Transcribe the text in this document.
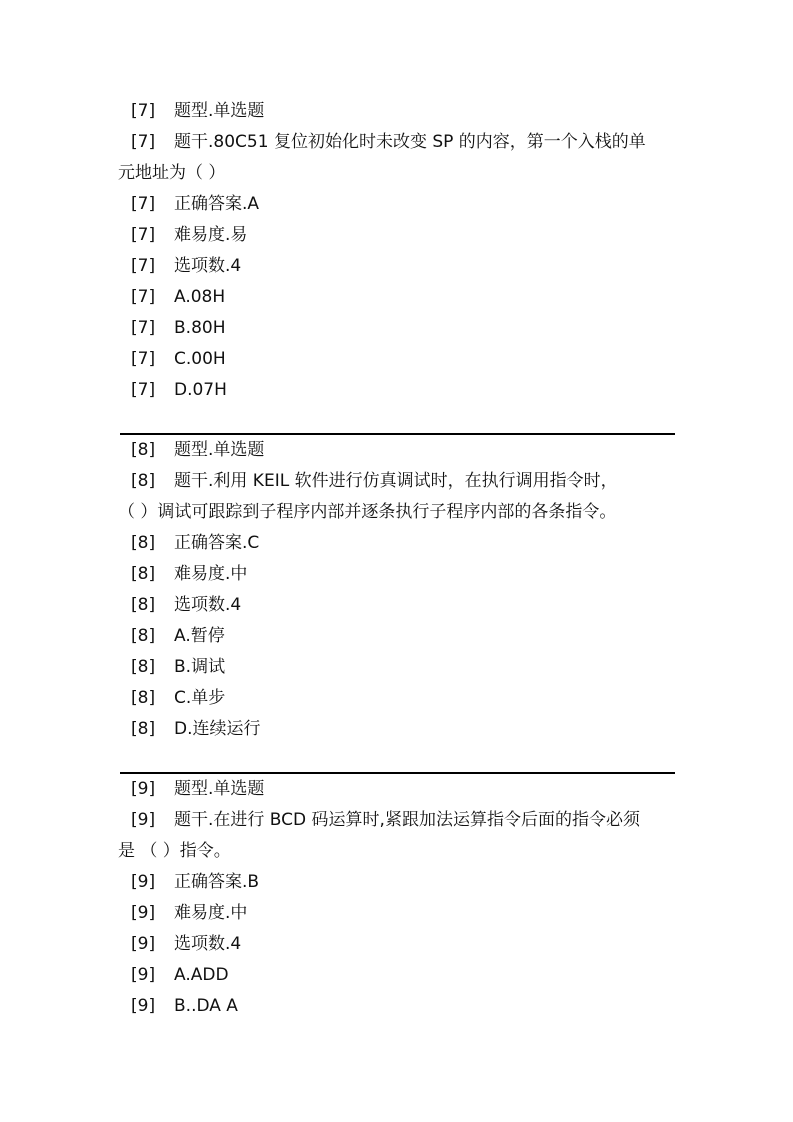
[7] 题型.单选题
[7] 题干.80C51 复位初始化时未改变 SP 的内容，第一个入栈的单
元地址为（ ）
[7] 正确答案.A
[7] 难易度.易
[7] 选项数.4
[7] A.08H
[7] B.80H
[7] C.00H
[7] D.07H
[8] 题型.单选题
[8] 题干.利用 KEIL 软件进行仿真调试时，在执行调用指令时，
（ ）调试可跟踪到子程序内部并逐条执行子程序内部的各条指令。
[8] 正确答案.C
[8] 难易度.中
[8] 选项数.4
[8] A.暂停
[8] B.调试
[8] C.单步
[8] D.连续运行
[9] 题型.单选题
[9] 题干.在进行 BCD 码运算时,紧跟加法运算指令后面的指令必须
是 （ ）指令。
[9] 正确答案.B
[9] 难易度.中
[9] 选项数.4
[9] A.ADD
[9] B..DA A
